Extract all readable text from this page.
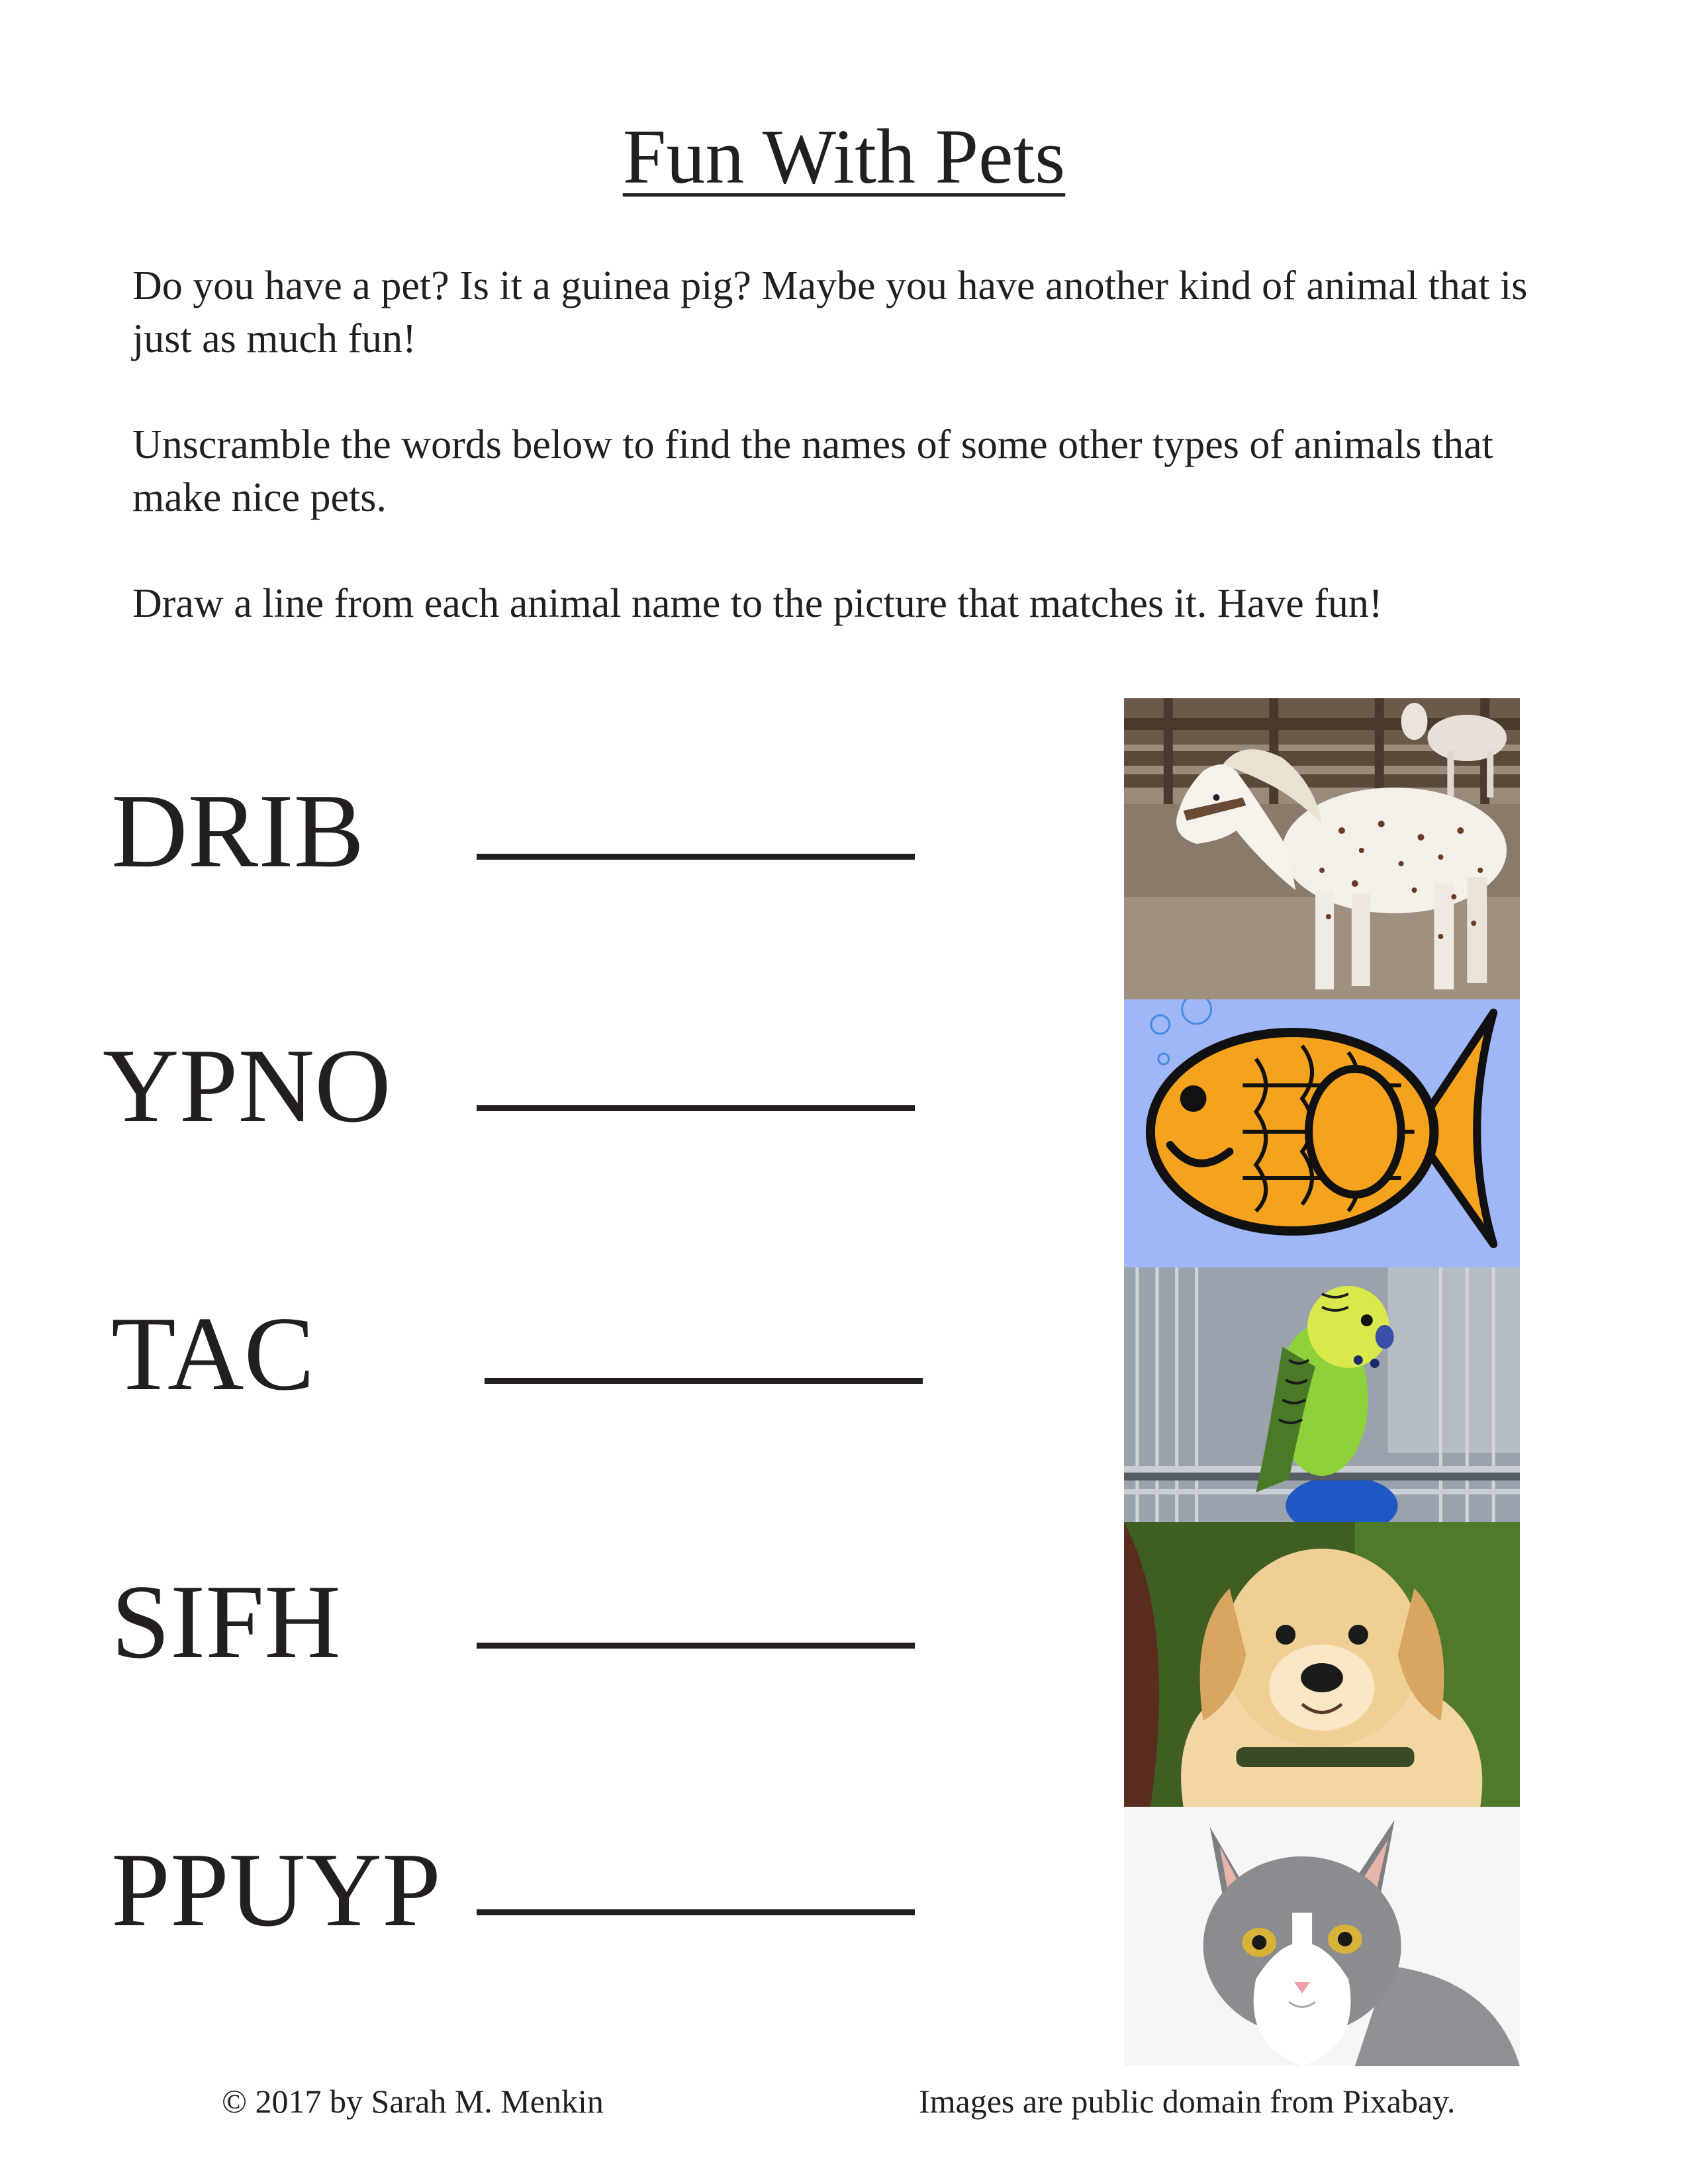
Fun With Pets

Do you have a pet? Is it a guinea pig? Maybe you have another kind of animal that is just as much fun!

Unscramble the words below to find the names of some other types of animals that make nice pets.

Draw a line from each animal name to the picture that matches it. Have fun!

DRIB
YPNO
TAC
SIFH
PPUYP

© 2017 by Sarah M. Menkin	Images are public domain from Pixabay.
